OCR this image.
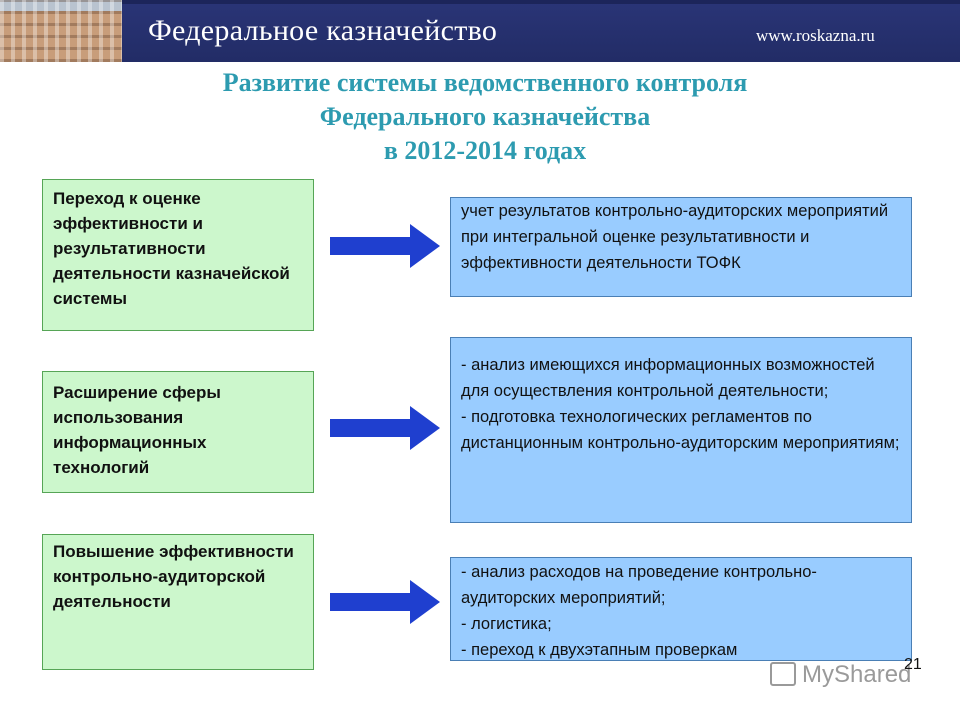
Федеральное казначейство	www.roskazna.ru
Развитие системы ведомственного контроля
Федерального казначейства
в 2012-2014 годах
Переход к оценке эффективности и результативности деятельности казначейской системы
учет результатов контрольно-аудиторских мероприятий при интегральной оценке результативности и эффективности деятельности ТОФК
Расширение сферы использования информационных технологий
- анализ имеющихся информационных возможностей для осуществления контрольной деятельности;
- подготовка технологических регламентов по дистанционным контрольно-аудиторским мероприятиям;
Повышение эффективности контрольно-аудиторской деятельности
- анализ расходов на проведение контрольно-аудиторских мероприятий;
- логистика;
- переход к двухэтапным проверкам
MyShared
21
